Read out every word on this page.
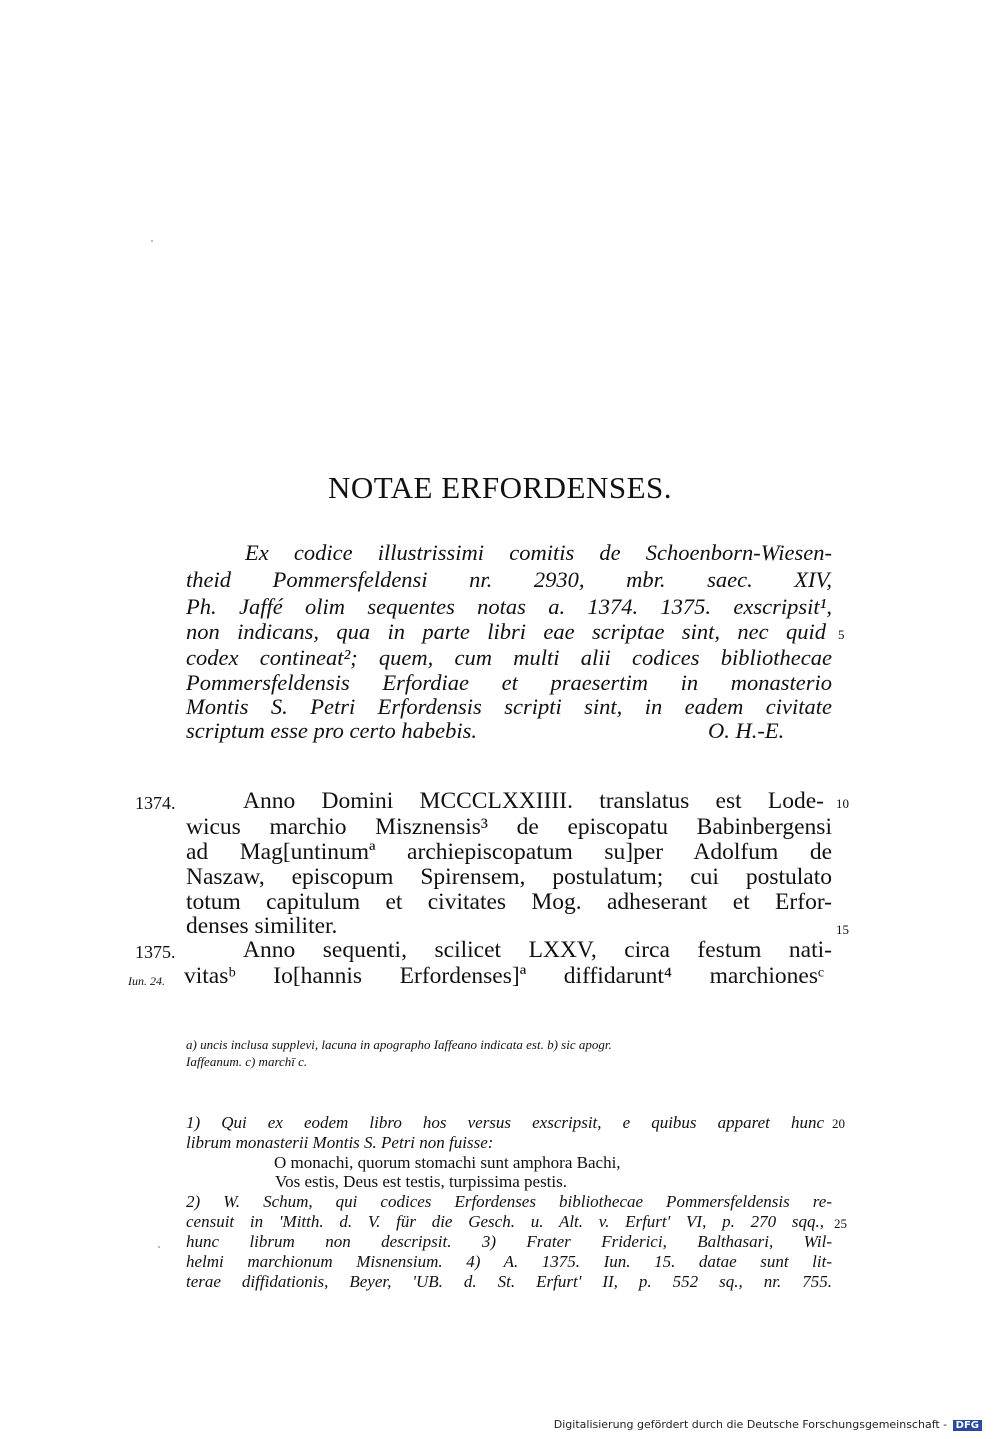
NOTAE ERFORDENSES.
Ex codice illustrissimi comitis de Schoenborn-Wiesen-
theid Pommersfeldensi nr. 2930, mbr. saec. XIV,
Ph. Jaffé olim sequentes notas a. 1374. 1375. exscripsit¹,
non indicans, qua in parte libri eae scriptae sint, nec quid 5
codex contineat²; quem, cum multi alii codices bibliothecae
Pommersfeldensis Erfordiae et praesertim in monasterio
Montis S. Petri Erfordensis scripti sint, in eadem civitate
scriptum esse pro certo habebis.	O. H.-E.
1374.	Anno Domini MCCCLXXIIII. translatus est Lode- 10
wicus marchio Misznensis³ de episcopatu Babinbergensi
ad Mag[untinumª archiepiscopatum su]per Adolfum de
Naszaw, episcopum Spirensem, postulatum; cui postulato
totum capitulum et civitates Mog. adheserant et Erfor-
denses similiter.	15
1375.	Anno sequenti, scilicet LXXV, circa festum nati-
Iun. 24. vitasᵇ Io[hannis Erfordenses]ª diffidarunt⁴ marchionesᶜ
a) uncis inclusa supplevi, lacuna in apographo Iaffeano indicata est. b) sic apogr.
Iaffeanum. c) marchī c.
1) Qui ex eodem libro hos versus exscripsit, e quibus apparet hunc 20
librum monasterii Montis S. Petri non fuisse:
O monachi, quorum stomachi sunt amphora Bachi,
Vos estis, Deus est testis, turpissima pestis.
2) W. Schum, qui codices Erfordenses bibliothecae Pommersfeldensis re-
censuit in 'Mitth. d. V. für die Gesch. u. Alt. v. Erfurt' VI, p. 270 sqq., 25
hunc librum non descripsit. 3) Frater Friderici, Balthasari, Wil-
helmi marchionum Misnensium. 4) A. 1375. Iun. 15. datae sunt lit-
terae diffidationis, Beyer, 'UB. d. St. Erfurt' II, p. 552 sq., nr. 755.
Digitalisierung gefördert durch die Deutsche Forschungsgemeinschaft - DFG
